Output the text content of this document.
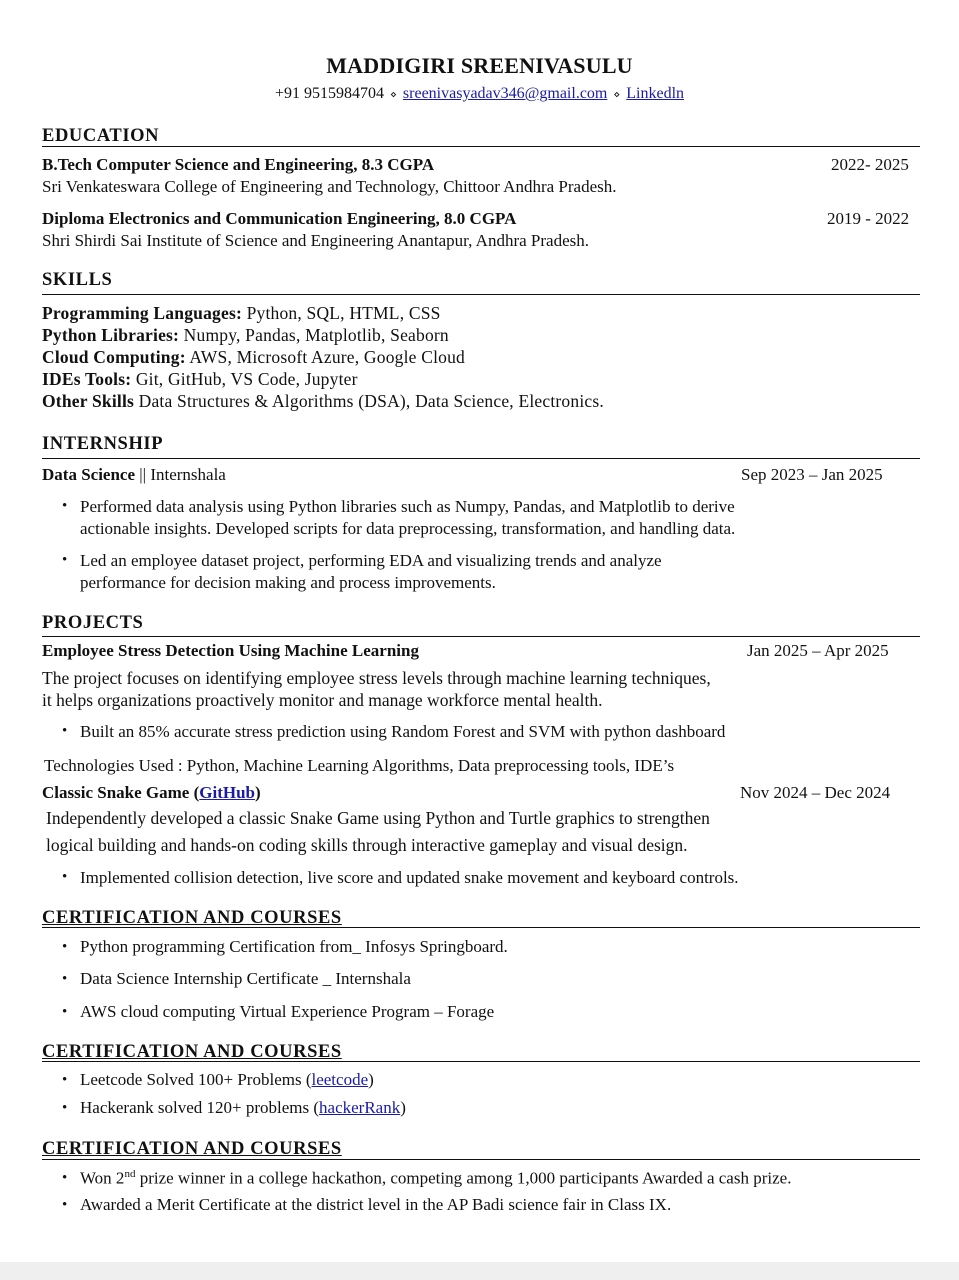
MADDIGIRI SREENIVASULU
+91 9515984704 ⋄ sreenivasyadav346@gmail.com ⋄ Linkedln
EDUCATION
B.Tech Computer Science and Engineering, 8.3 CGPA	2022- 2025
Sri Venkateswara College of Engineering and Technology, Chittoor Andhra Pradesh.
Diploma Electronics and Communication Engineering, 8.0 CGPA	2019 - 2022
Shri Shirdi Sai Institute of Science and Engineering Anantapur, Andhra Pradesh.
SKILLS
Programming Languages: Python, SQL, HTML, CSS
Python Libraries: Numpy, Pandas, Matplotlib, Seaborn
Cloud Computing: AWS, Microsoft Azure, Google Cloud
IDEs Tools: Git, GitHub, VS Code, Jupyter
Other Skills Data Structures & Algorithms (DSA), Data Science, Electronics.
INTERNSHIP
Data Science || Internshala	Sep 2023 – Jan 2025
• Performed data analysis using Python libraries such as Numpy, Pandas, and Matplotlib to derive
actionable insights. Developed scripts for data preprocessing, transformation, and handling data.
• Led an employee dataset project, performing EDA and visualizing trends and analyze
performance for decision making and process improvements.
PROJECTS
Employee Stress Detection Using Machine Learning	Jan 2025 – Apr 2025
The project focuses on identifying employee stress levels through machine learning techniques,
it helps organizations proactively monitor and manage workforce mental health.
• Built an 85% accurate stress prediction using Random Forest and SVM with python dashboard
Technologies Used : Python, Machine Learning Algorithms, Data preprocessing tools, IDE’s
Classic Snake Game (GitHub)	Nov 2024 – Dec 2024
Independently developed a classic Snake Game using Python and Turtle graphics to strengthen
logical building and hands-on coding skills through interactive gameplay and visual design.
• Implemented collision detection, live score and updated snake movement and keyboard controls.
CERTIFICATION AND COURSES
• Python programming Certification from_ Infosys Springboard.
• Data Science Internship Certificate _ Internshala
• AWS cloud computing Virtual Experience Program – Forage
CERTIFICATION AND COURSES
• Leetcode Solved 100+ Problems (leetcode)
• Hackerank solved 120+ problems (hackerRank)
CERTIFICATION AND COURSES
• Won 2nd prize winner in a college hackathon, competing among 1,000 participants Awarded a cash prize.
• Awarded a Merit Certificate at the district level in the AP Badi science fair in Class IX.
